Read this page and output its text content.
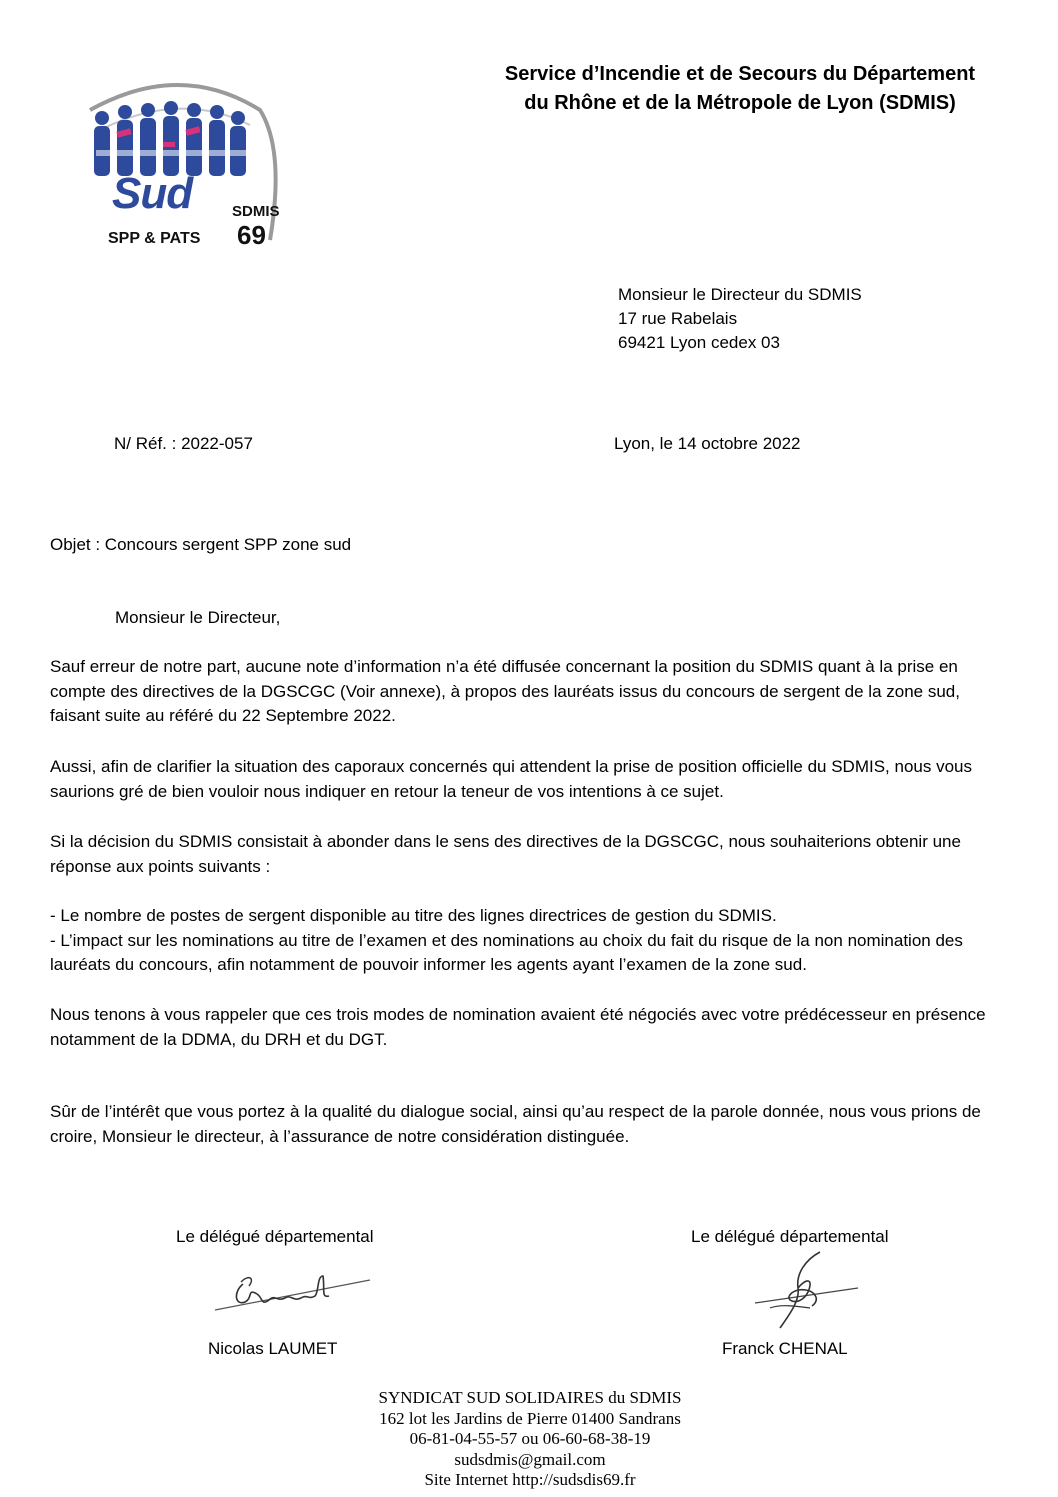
Sud
SPP & PATS
SDMIS
69
Service d’Incendie et de Secours du Département
du Rhône et de la Métropole de Lyon (SDMIS)
Monsieur le Directeur du SDMIS
17 rue Rabelais
69421 Lyon cedex 03
N/ Réf. : 2022-057	Lyon, le 14 octobre 2022
Objet : Concours sergent SPP zone sud
Monsieur le Directeur,
Sauf erreur de notre part, aucune note d’information n’a été diffusée concernant la position du SDMIS quant à la prise en compte des directives de la DGSCGC (Voir annexe), à propos des lauréats issus du concours de sergent de la zone sud, faisant suite au référé du 22 Septembre 2022.
Aussi, afin de clarifier la situation des caporaux concernés qui attendent la prise de position officielle du SDMIS, nous vous saurions gré de bien vouloir nous indiquer en retour la teneur de vos intentions à ce sujet.
Si la décision du SDMIS consistait à abonder dans le sens des directives de la DGSCGC, nous souhaiterions obtenir une réponse aux points suivants :
- Le nombre de postes de sergent disponible au titre des lignes directrices de gestion du SDMIS.
- L’impact sur les nominations au titre de l’examen et des nominations au choix du fait du risque de la non nomination des lauréats du concours, afin notamment de pouvoir informer les agents ayant l’examen de la zone sud.
Nous tenons à vous rappeler que ces trois modes de nomination avaient été négociés avec votre prédécesseur en présence notamment de la DDMA, du DRH et du DGT.
Sûr de l’intérêt que vous portez à la qualité du dialogue social, ainsi qu’au respect de la parole donnée, nous vous prions de croire, Monsieur le directeur, à l’assurance de notre considération distinguée.
Le délégué départemental	Le délégué départemental
Nicolas LAUMET	Franck CHENAL
SYNDICAT SUD SOLIDAIRES du SDMIS
162 lot les Jardins de Pierre 01400 Sandrans
06-81-04-55-57 ou 06-60-68-38-19
sudsdmis@gmail.com
Site Internet http://sudsdis69.fr
